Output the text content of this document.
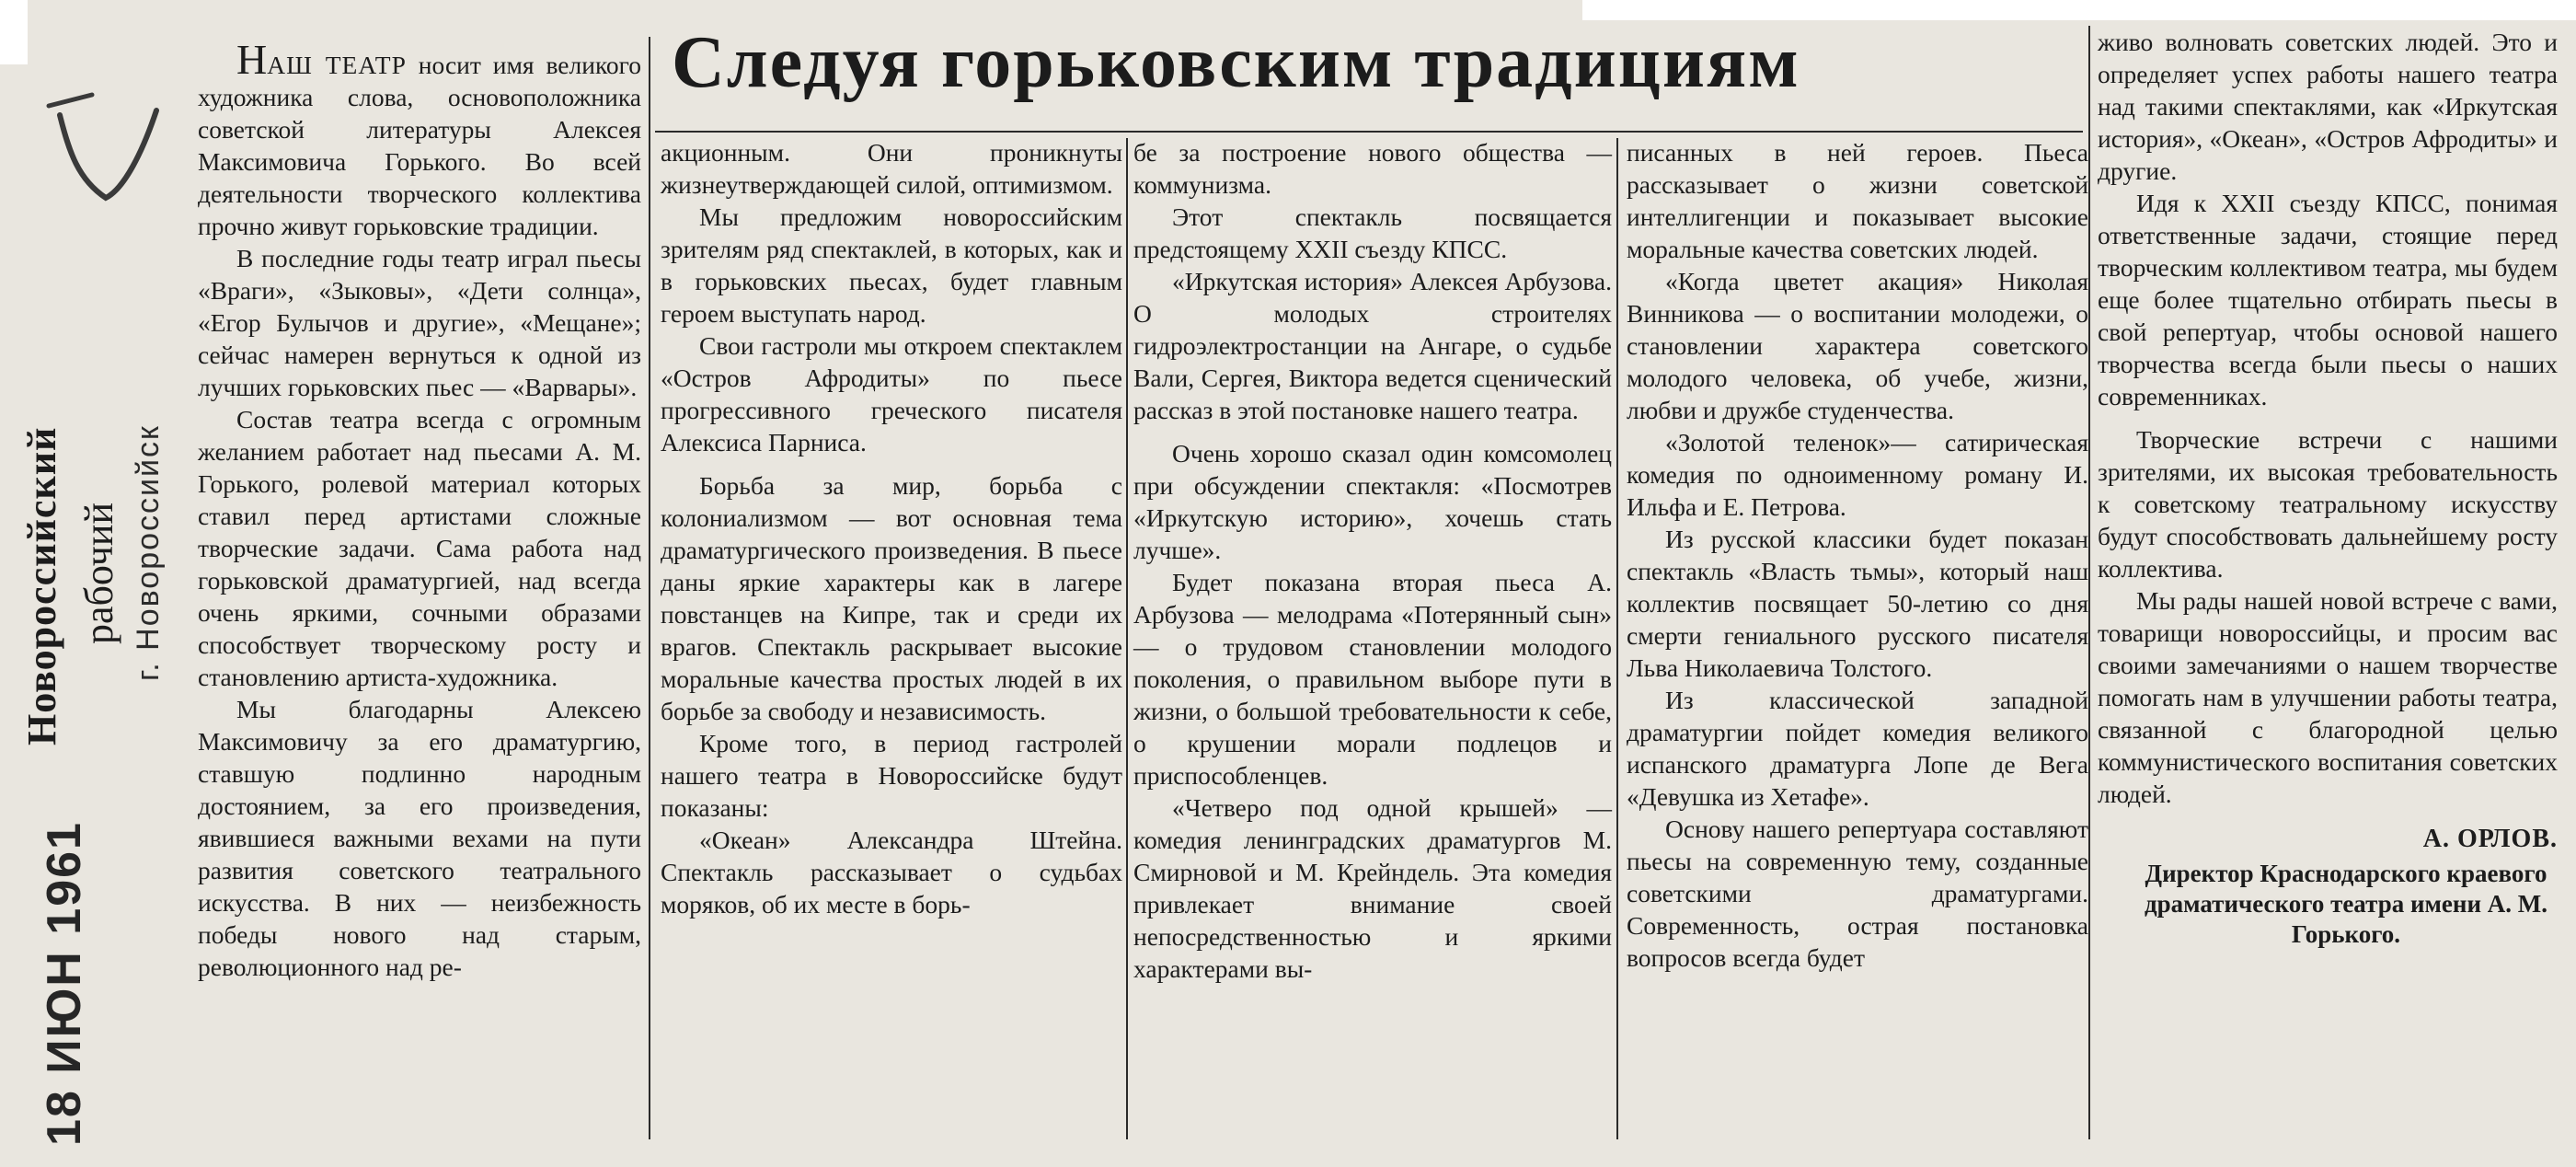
Новороссийский рабочий г. Новороссийск
18 ИЮН 1961
Следуя горьковским традициям

НАШ ТЕАТР носит имя великого художника слова, основоположника советской литературы Алексея Максимовича Горького. Во всей деятельности творческого коллектива прочно живут горьковские традиции.

В последние годы театр играл пьесы «Враги», «Зыковы», «Дети солнца», «Егор Булычов и другие», «Мещане»; сейчас намерен вернуться к одной из лучших горьковских пьес — «Варвары».

Состав театра всегда с огромным желанием работает над пьесами А. М. Горького, ролевой материал которых ставил перед артистами сложные творческие задачи. Сама работа над горьковской драматургией, над всегда очень яркими, сочными образами способствует творческому росту и становлению артиста-художника.

Мы благодарны Алексею Максимовичу за его драматургию, ставшую подлинно народным достоянием, за его произведения, явившиеся важными вехами на пути развития советского театрального искусства. В них — неизбежность победы нового над старым, революционного над ре-

акционным. Они проникнуты жизнеутверждающей силой, оптимизмом.

Мы предложим новороссийским зрителям ряд спектаклей, в которых, как и в горьковских пьесах, будет главным героем выступать народ.

Свои гастроли мы откроем спектаклем «Остров Афродиты» по пьесе прогрессивного греческого писателя Алексиса Парниса.

Борьба за мир, борьба с колониализмом — вот основная тема драматургического произведения. В пьесе даны яркие характеры как в лагере повстанцев на Кипре, так и среди их врагов. Спектакль раскрывает высокие моральные качества простых людей в их борьбе за свободу и независимость.

Кроме того, в период гастролей нашего театра в Новороссийске будут показаны:

«Океан» Александра Штейна. Спектакль рассказывает о судьбах моряков, об их месте в борь-

бе за построение нового общества — коммунизма.

Этот спектакль посвящается предстоящему XXII съезду КПСС.

«Иркутская история» Алексея Арбузова. О молодых строителях гидроэлектростанции на Ангаре, о судьбе Вали, Сергея, Виктора ведется сценический рассказ в этой постановке нашего театра.

Очень хорошо сказал один комсомолец при обсуждении спектакля: «Посмотрев «Иркутскую историю», хочешь стать лучше».

Будет показана вторая пьеса А. Арбузова — мелодрама «Потерянный сын» — о трудовом становлении молодого поколения, о правильном выборе пути в жизни, о большой требовательности к себе, о крушении морали подлецов и приспособленцев.

«Четверо под одной крышей» — комедия ленинградских драматургов М. Смирновой и М. Крейндель. Эта комедия привлекает внимание своей непосредственностью и яркими характерами вы-

писанных в ней героев. Пьеса рассказывает о жизни советской интеллигенции и показывает высокие моральные качества советских людей.

«Когда цветет акация» Николая Винникова — о воспитании молодежи, о становлении характера советского молодого человека, об учебе, жизни, любви и дружбе студенчества.

«Золотой теленок»— сатирическая комедия по одноименному роману И. Ильфа и Е. Петрова.

Из русской классики будет показан спектакль «Власть тьмы», который наш коллектив посвящает 50-летию со дня смерти гениального русского писателя Льва Николаевича Толстого.

Из классической западной драматургии пойдет комедия великого испанского драматурга Лопе де Вега «Девушка из Хетафе».

Основу нашего репертуара составляют пьесы на современную тему, созданные советскими драматургами. Современность, острая постановка вопросов всегда будет

живо волновать советских людей. Это и определяет успех работы нашего театра над такими спектаклями, как «Иркутская история», «Океан», «Остров Афродиты» и другие.

Идя к XXII съезду КПСС, понимая ответственные задачи, стоящие перед творческим коллективом театра, мы будем еще более тщательно отбирать пьесы в свой репертуар, чтобы основой нашего творчества всегда были пьесы о наших современниках.

Творческие встречи с нашими зрителями, их высокая требовательность к советскому театральному искусству будут способствовать дальнейшему росту коллектива.

Мы рады нашей новой встрече с вами, товарищи новороссийцы, и просим вас своими замечаниями о нашем творчестве помогать нам в улучшении работы театра, связанной с благородной целью коммунистического воспитания советских людей.

А. ОРЛОВ.
Директор Краснодарского краевого драматического театра имени А. М. Горького.
